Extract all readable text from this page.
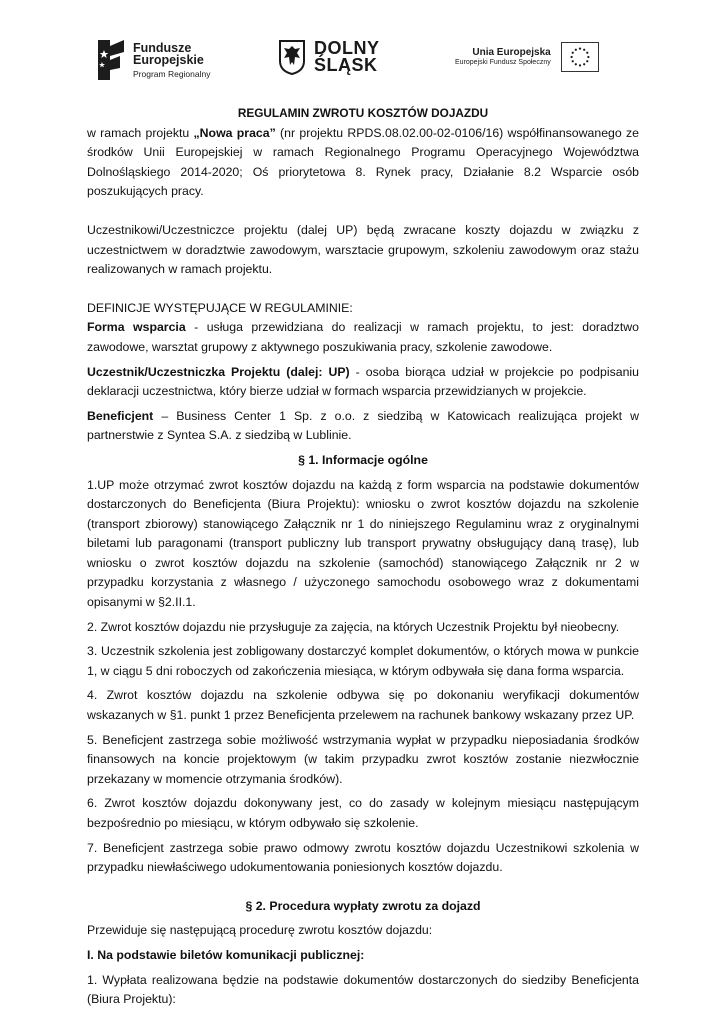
Fundusze
Europejskie
Program Regionalny
DOLNY
ŚLĄSK
Unia Europejska
Europejski Fundusz Społeczny

REGULAMIN ZWROTU KOSZTÓW DOJAZDU

w ramach projektu „Nowa praca” (nr projektu RPDS.08.02.00-02-0106/16) współfinansowanego ze środków Unii Europejskiej w ramach Regionalnego Programu Operacyjnego Województwa Dolnośląskiego 2014-2020; Oś priorytetowa 8. Rynek pracy, Działanie 8.2 Wsparcie osób poszukujących pracy.

Uczestnikowi/Uczestniczce projektu (dalej UP) będą zwracane koszty dojazdu w związku z uczestnictwem w doradztwie zawodowym, warsztacie grupowym, szkoleniu zawodowym oraz stażu realizowanych w ramach projektu.

DEFINICJE WYSTĘPUJĄCE W REGULAMINIE:

Forma wsparcia - usługa przewidziana do realizacji w ramach projektu, to jest: doradztwo zawodowe, warsztat grupowy z aktywnego poszukiwania pracy, szkolenie zawodowe.

Uczestnik/Uczestniczka Projektu (dalej: UP) - osoba biorąca udział w projekcie po podpisaniu deklaracji uczestnictwa, który bierze udział w formach wsparcia przewidzianych w projekcie.

Beneficjent – Business Center 1 Sp. z o.o. z siedzibą w Katowicach realizująca projekt w partnerstwie z Syntea S.A. z siedzibą w Lublinie.

§ 1. Informacje ogólne

1.UP może otrzymać zwrot kosztów dojazdu na każdą z form wsparcia na podstawie dokumentów dostarczonych do Beneficjenta (Biura Projektu): wniosku o zwrot kosztów dojazdu na szkolenie (transport zbiorowy) stanowiącego Załącznik nr 1 do niniejszego Regulaminu wraz z oryginalnymi biletami lub paragonami (transport publiczny lub transport prywatny obsługujący daną trasę), lub wniosku o zwrot kosztów dojazdu na szkolenie (samochód) stanowiącego Załącznik nr 2 w przypadku korzystania z własnego / użyczonego samochodu osobowego wraz z dokumentami opisanymi w §2.II.1.

2. Zwrot kosztów dojazdu nie przysługuje za zajęcia, na których Uczestnik Projektu był nieobecny.

3. Uczestnik szkolenia jest zobligowany dostarczyć komplet dokumentów, o których mowa w punkcie 1, w ciągu 5 dni roboczych od zakończenia miesiąca, w którym odbywała się dana forma wsparcia.

4. Zwrot kosztów dojazdu na szkolenie odbywa się po dokonaniu weryfikacji dokumentów wskazanych w §1. punkt 1 przez Beneficjenta przelewem na rachunek bankowy wskazany przez UP.

5. Beneficjent zastrzega sobie możliwość wstrzymania wypłat w przypadku nieposiadania środków finansowych na koncie projektowym (w takim przypadku zwrot kosztów zostanie niezwłocznie przekazany w momencie otrzymania środków).

6. Zwrot kosztów dojazdu dokonywany jest, co do zasady w kolejnym miesiącu następującym bezpośrednio po miesiącu, w którym odbywało się szkolenie.

7. Beneficjent zastrzega sobie prawo odmowy zwrotu kosztów dojazdu Uczestnikowi szkolenia w przypadku niewłaściwego udokumentowania poniesionych kosztów dojazdu.

§ 2. Procedura wypłaty zwrotu za dojazd

Przewiduje się następującą procedurę zwrotu kosztów dojazdu:

I. Na podstawie biletów komunikacji publicznej:

1. Wypłata realizowana będzie na podstawie dokumentów dostarczonych do siedziby Beneficjenta (Biura Projektu):
